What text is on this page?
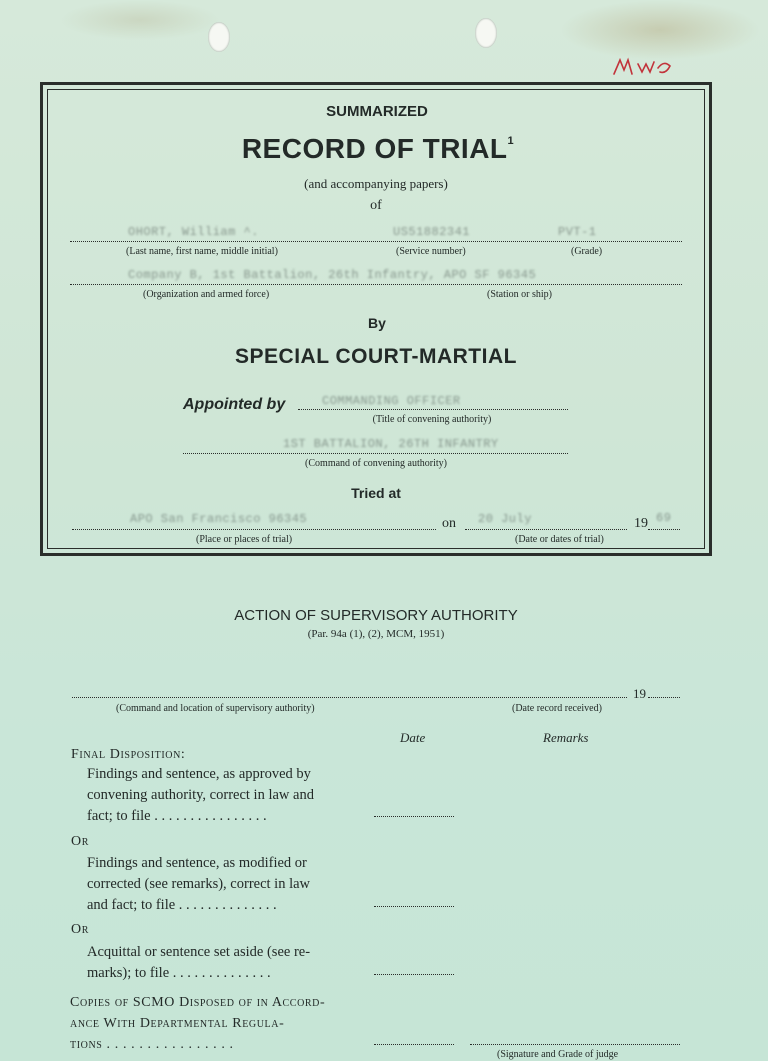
SUMMARIZED
RECORD OF TRIAL$^1$
(and accompanying papers)
of
OHORT, William ^.	US51882341	PVT-1
(Last name, first name, middle initial)	(Service number)	(Grade)
Company B, 1st Battalion, 26th Infantry, APO SF 96345
(Organization and armed force)	(Station or ship)
By
SPECIAL COURT-MARTIAL
Appointed by	COMMANDING OFFICER
(Title of convening authority)
1ST BATTALION, 26TH INFANTRY
(Command of convening authority)
Tried at
APO San Francisco 96345	on 20 July	19 69
(Place or places of trial)	(Date or dates of trial)
ACTION OF SUPERVISORY AUTHORITY
(Par. 94a (1), (2), MCM, 1951)
19
(Command and location of supervisory authority)	(Date record received)
Date	Remarks
Final Disposition:
Findings and sentence, as approved by
convening authority, correct in law and
fact; to file . . . . . . . . . . . . . . . .
Or
Findings and sentence, as modified or
corrected (see remarks), correct in law
and fact; to file . . . . . . . . . . . . . .
Or
Acquittal or sentence set aside (see re-
marks); to file . . . . . . . . . . . . . .
Copies of SCMO Disposed of in Accord-
ance With Departmental Regula-
tions . . . . . . . . . . . . . . . .
(Signature and Grade of judge
